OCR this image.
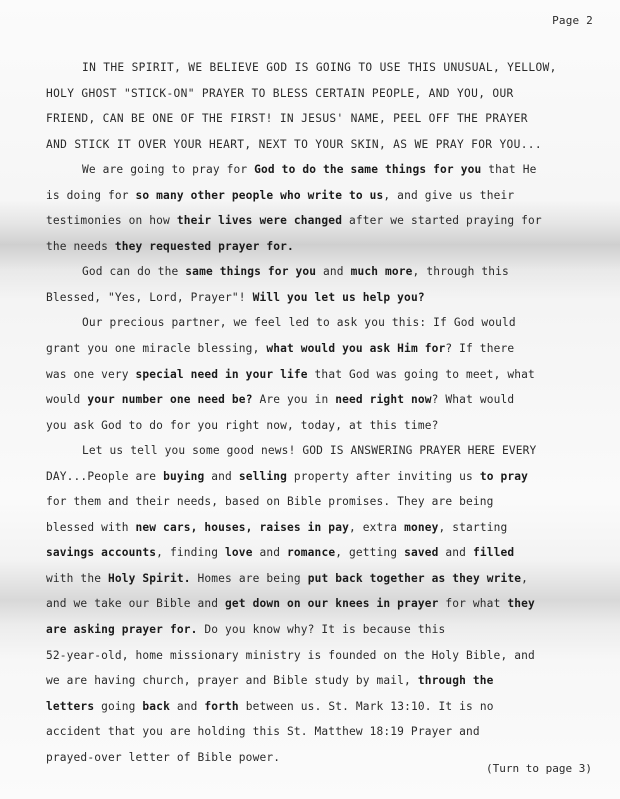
Page 2
IN THE SPIRIT, WE BELIEVE GOD IS GOING TO USE THIS UNUSUAL, YELLOW,
HOLY GHOST "STICK-ON" PRAYER TO BLESS CERTAIN PEOPLE, AND YOU, OUR
FRIEND, CAN BE ONE OF THE FIRST! IN JESUS' NAME, PEEL OFF THE PRAYER
AND STICK IT OVER YOUR HEART, NEXT TO YOUR SKIN, AS WE PRAY FOR YOU...
We are going to pray for God to do the same things for you that He
is doing for so many other people who write to us, and give us their
testimonies on how their lives were changed after we started praying for
the needs they requested prayer for.
God can do the same things for you and much more, through this
Blessed, "Yes, Lord, Prayer"! Will you let us help you?
Our precious partner, we feel led to ask you this: If God would
grant you one miracle blessing, what would you ask Him for? If there
was one very special need in your life that God was going to meet, what
would your number one need be? Are you in need right now? What would
you ask God to do for you right now, today, at this time?
Let us tell you some good news! GOD IS ANSWERING PRAYER HERE EVERY
DAY...People are buying and selling property after inviting us to pray
for them and their needs, based on Bible promises. They are being
blessed with new cars, houses, raises in pay, extra money, starting
savings accounts, finding love and romance, getting saved and filled
with the Holy Spirit. Homes are being put back together as they write,
and we take our Bible and get down on our knees in prayer for what they
are asking prayer for. Do you know why? It is because this
52-year-old, home missionary ministry is founded on the Holy Bible, and
we are having church, prayer and Bible study by mail, through the
letters going back and forth between us. St. Mark 13:10. It is no
accident that you are holding this St. Matthew 18:19 Prayer and
prayed-over letter of Bible power.
(Turn to page 3)
